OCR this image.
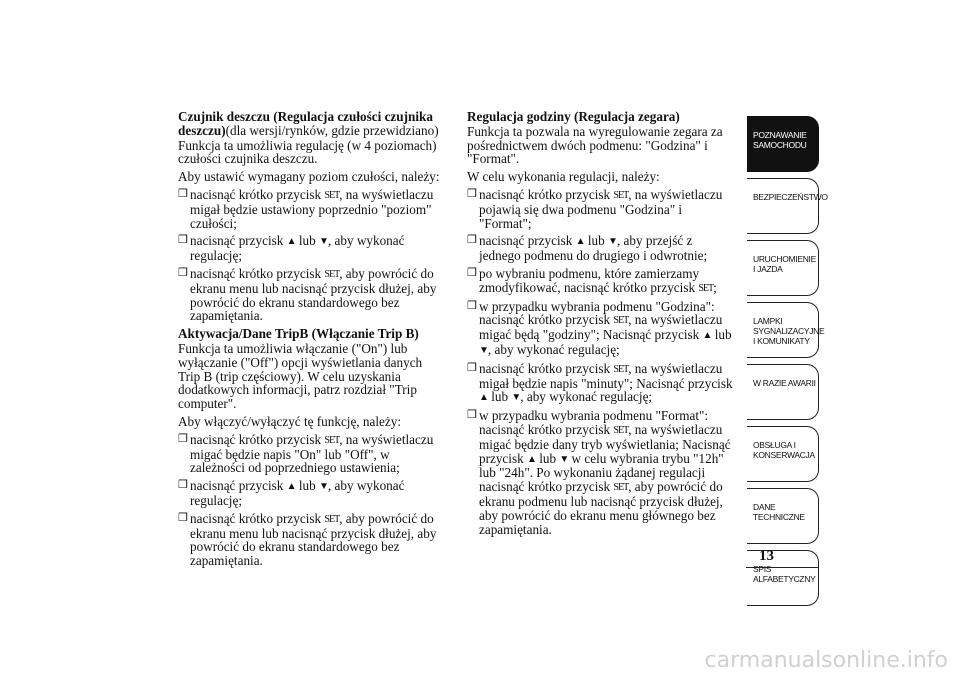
Czujnik deszczu (Regulacja czułości czujnika deszczu)(dla wersji/rynków, gdzie przewidziano)

Funkcja ta umożliwia regulację (w 4 poziomach) czułości czujnika deszczu.

Aby ustawić wymagany poziom czułości, należy:

❒ nacisnąć krótko przycisk SET, na wyświetlaczu migał będzie ustawiony poprzednio "poziom" czułości;
❒ nacisnąć przycisk ▲ lub ▼, aby wykonać regulację;
❒ nacisnąć krótko przycisk SET, aby powrócić do ekranu menu lub nacisnąć przycisk dłużej, aby powrócić do ekranu standardowego bez zapamiętania.
Aktywacja/Dane TripB (Włączanie Trip B)

Funkcja ta umożliwia włączanie ("On") lub wyłączanie ("Off") opcji wyświetlania danych Trip B (trip częściowy). W celu uzyskania dodatkowych informacji, patrz rozdział "Trip computer".

Aby włączyć/wyłączyć tę funkcję, należy:

❒ nacisnąć krótko przycisk SET, na wyświetlaczu migać będzie napis "On" lub "Off", w zależności od poprzedniego ustawienia;
❒ nacisnąć przycisk ▲ lub ▼, aby wykonać regulację;
❒ nacisnąć krótko przycisk SET, aby powrócić do ekranu menu lub nacisnąć przycisk dłużej, aby powrócić do ekranu standardowego bez zapamiętania.
Regulacja godziny (Regulacja zegara)

Funkcja ta pozwala na wyregulowanie zegara za pośrednictwem dwóch podmenu: "Godzina" i "Format".

W celu wykonania regulacji, należy:

❒ nacisnąć krótko przycisk SET, na wyświetlaczu pojawią się dwa podmenu "Godzina" i "Format";
❒ nacisnąć przycisk ▲ lub ▼, aby przejść z jednego podmenu do drugiego i odwrotnie;
❒ po wybraniu podmenu, które zamierzamy zmodyfikować, nacisnąć krótko przycisk SET;
❒ w przypadku wybrania podmenu "Godzina": nacisnąć krótko przycisk SET, na wyświetlaczu migać będą "godziny"; Nacisnąć przycisk ▲ lub ▼, aby wykonać regulację;
❒ nacisnąć krótko przycisk SET, na wyświetlaczu migał będzie napis "minuty"; Nacisnąć przycisk ▲ lub ▼, aby wykonać regulację;
❒ w przypadku wybrania podmenu "Format": nacisnąć krótko przycisk SET, na wyświetlaczu migać będzie dany tryb wyświetlania; Nacisnąć przycisk ▲ lub ▼ w celu wybrania trybu "12h" lub "24h". Po wykonaniu żądanej regulacji nacisnąć krótko przycisk SET, aby powrócić do ekranu podmenu lub nacisnąć przycisk dłużej, aby powrócić do ekranu menu głównego bez zapamiętania.
POZNAWANIE SAMOCHODU
BEZPIECZEŃSTWO
URUCHOMIENIE I JAZDA
LAMPKI SYGNALIZACYJNE I KOMUNIKATY
W RAZIE AWARII
OBSŁUGA I KONSERWACJA
DANE TECHNICZNE
SPIS ALFABETYCZNY
13
carmanualsonline.info
